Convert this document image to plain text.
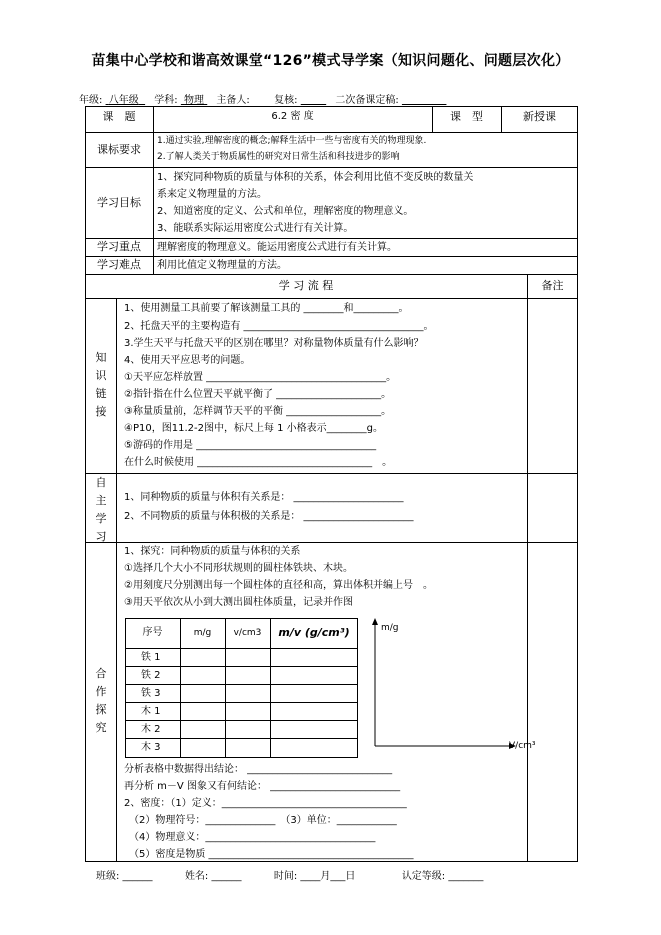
苗集中心学校和谐高效课堂“126”模式导学案（知识问题化、问题层次化）
年级: 八年级 学科: 物理 主备人: 复核:	二次备课定稿:
课　题	6.2 密 度	课　型	新授课
课标要求
1.通过实验,理解密度的概念;解释生活中一些与密度有关的物理现象.
2.了解人类关于物质属性的研究对日常生活和科技进步的影响
学习目标
1、探究同种物质的质量与体积的关系，体会利用比值不变反映的数量关
系来定义物理量的方法。
2、知道密度的定义、公式和单位，理解密度的物理意义。
3、能联系实际运用密度公式进行有关计算。
学习重点	理解密度的物理意义。能运用密度公式进行有关计算。
学习难点	利用比值定义物理量的方法。
学 习 流 程	备注
知识链接
1、使用测量工具前要了解该测量工具的 ________和_________。
2、托盘天平的主要构造有 ____________________________________。
3.学生天平与托盘天平的区别在哪里？对称量物体质量有什么影响？
4、使用天平应思考的问题。
①天平应怎样放置 ____________________________________。
②指针指在什么位置天平就平衡了 _____________________。
③称量质量前，怎样调节天平的平衡 ___________________。
④P10，图11.2-2图中，标尺上每 1 小格表示________g。
⑤游码的作用是 ____________________________________
在什么时候使用 ___________________________________　。
自主学习
1、同种物质的质量与体积有关系是： ______________________
2、不同物质的质量与体积极的关系是： ______________________
合作探究
1、探究：同种物质的质量与体积的关系
①选择几个大小不同形状规则的圆柱体铁块、木块。
②用刻度尺分别测出每一个圆柱体的直径和高，算出体积并编上号　。
③用天平依次从小到大测出圆柱体质量，记录并作图
序号	m/g	v/cm3	m/v (g/cm³)
铁 1
铁 2
铁 3
木 1
木 2
木 3
m/g
V/cm³
分析表格中数据得出结论： _____________________________
再分析 m－V 图象又有何结论： __________________________
2、密度：（1）定义：_____________________________________
（2）物理符号：______________　（3）单位：____________
（4）物理意义：__________________________________
（5）密度是物质 _________________________________________
班级: ______	姓名: ______	时间: ____月___日	认定等级: _______
